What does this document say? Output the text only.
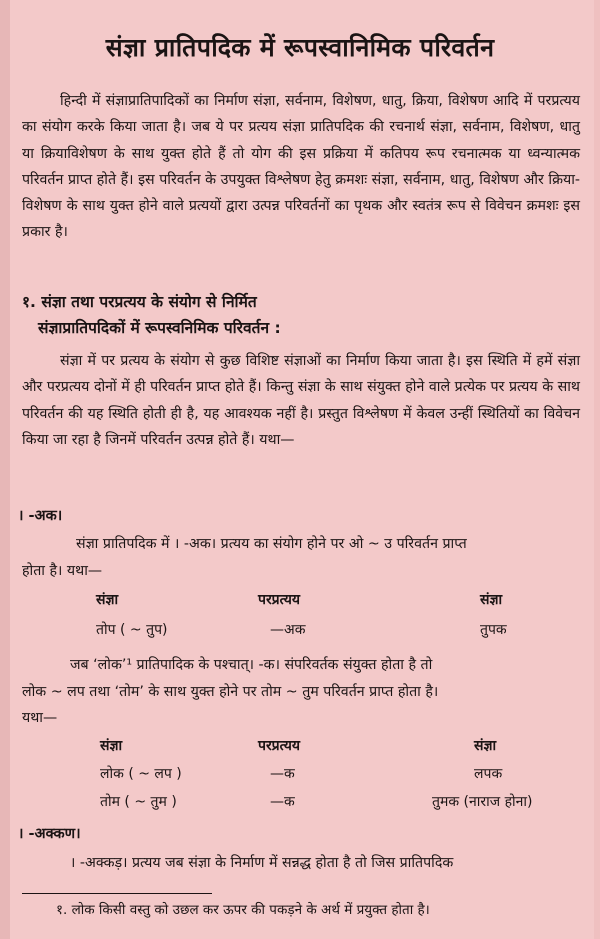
संज्ञा प्रातिपदिक में रूपस्वानिमिक परिवर्तन
हिन्दी में संज्ञाप्रातिपादिकों का निर्माण संज्ञा, सर्वनाम, विशेषण, धातु, क्रिया, विशेषण आदि में परप्रत्यय का संयोग करके किया जाता है। जब ये पर प्रत्यय संज्ञा प्रातिपदिक की रचनार्थ संज्ञा, सर्वनाम, विशेषण, धातु या क्रियाविशेषण के साथ युक्त होते हैं तो योग की इस प्रक्रिया में कतिपय रूप रचनात्मक या ध्वन्यात्मक परिवर्तन प्राप्त होते हैं। इस परिवर्तन के उपयुक्त विश्लेषण हेतु क्रमशः संज्ञा, सर्वनाम, धातु, विशेषण और क्रिया-विशेषण के साथ युक्त होने वाले प्रत्ययों द्वारा उत्पन्न परिवर्तनों का पृथक और स्वतंत्र रूप से विवेचन क्रमशः इस प्रकार है।
१. संज्ञा तथा परप्रत्यय के संयोग से निर्मित
संज्ञाप्रातिपदिकों में रूपस्वनिमिक परिवर्तन :
संज्ञा में पर प्रत्यय के संयोग से कुछ विशिष्ट संज्ञाओं का निर्माण किया जाता है। इस स्थिति में हमें संज्ञा और परप्रत्यय दोनों में ही परिवर्तन प्राप्त होते हैं। किन्तु संज्ञा के साथ संयुक्त होने वाले प्रत्येक पर प्रत्यय के साथ परिवर्तन की यह स्थिति होती ही है, यह आवश्यक नहीं है। प्रस्तुत विश्लेषण में केवल उन्हीं स्थितियों का विवेचन किया जा रहा है जिनमें परिवर्तन उत्पन्न होते हैं। यथा—
। -अक।
संज्ञा प्रातिपदिक में । -अक। प्रत्यय का संयोग होने पर ओ ~ उ परिवर्तन प्राप्त
होता है। यथा—
संज्ञा	परप्रत्यय	संज्ञा
तोप ( ~ तुप)	—अक	तुपक
जब ‘लोक’¹ प्रातिपादिक के पश्चात्। -क। संपरिवर्तक संयुक्त होता है तो
लोक ~ लप तथा ‘तोम’ के साथ युक्त होने पर तोम ~ तुम परिवर्तन प्राप्त होता है।
यथा—
संज्ञा	परप्रत्यय	संज्ञा
लोक ( ~ लप )	—क	लपक
तोम ( ~ तुम )	—क	तुमक (नाराज होना)
। -अक्कण।
। -अक्कड़। प्रत्यय जब संज्ञा के निर्माण में सन्नद्ध होता है तो जिस प्रातिपदिक
१. लोक किसी वस्तु को उछल कर ऊपर की पकड़ने के अर्थ में प्रयुक्त होता है।
